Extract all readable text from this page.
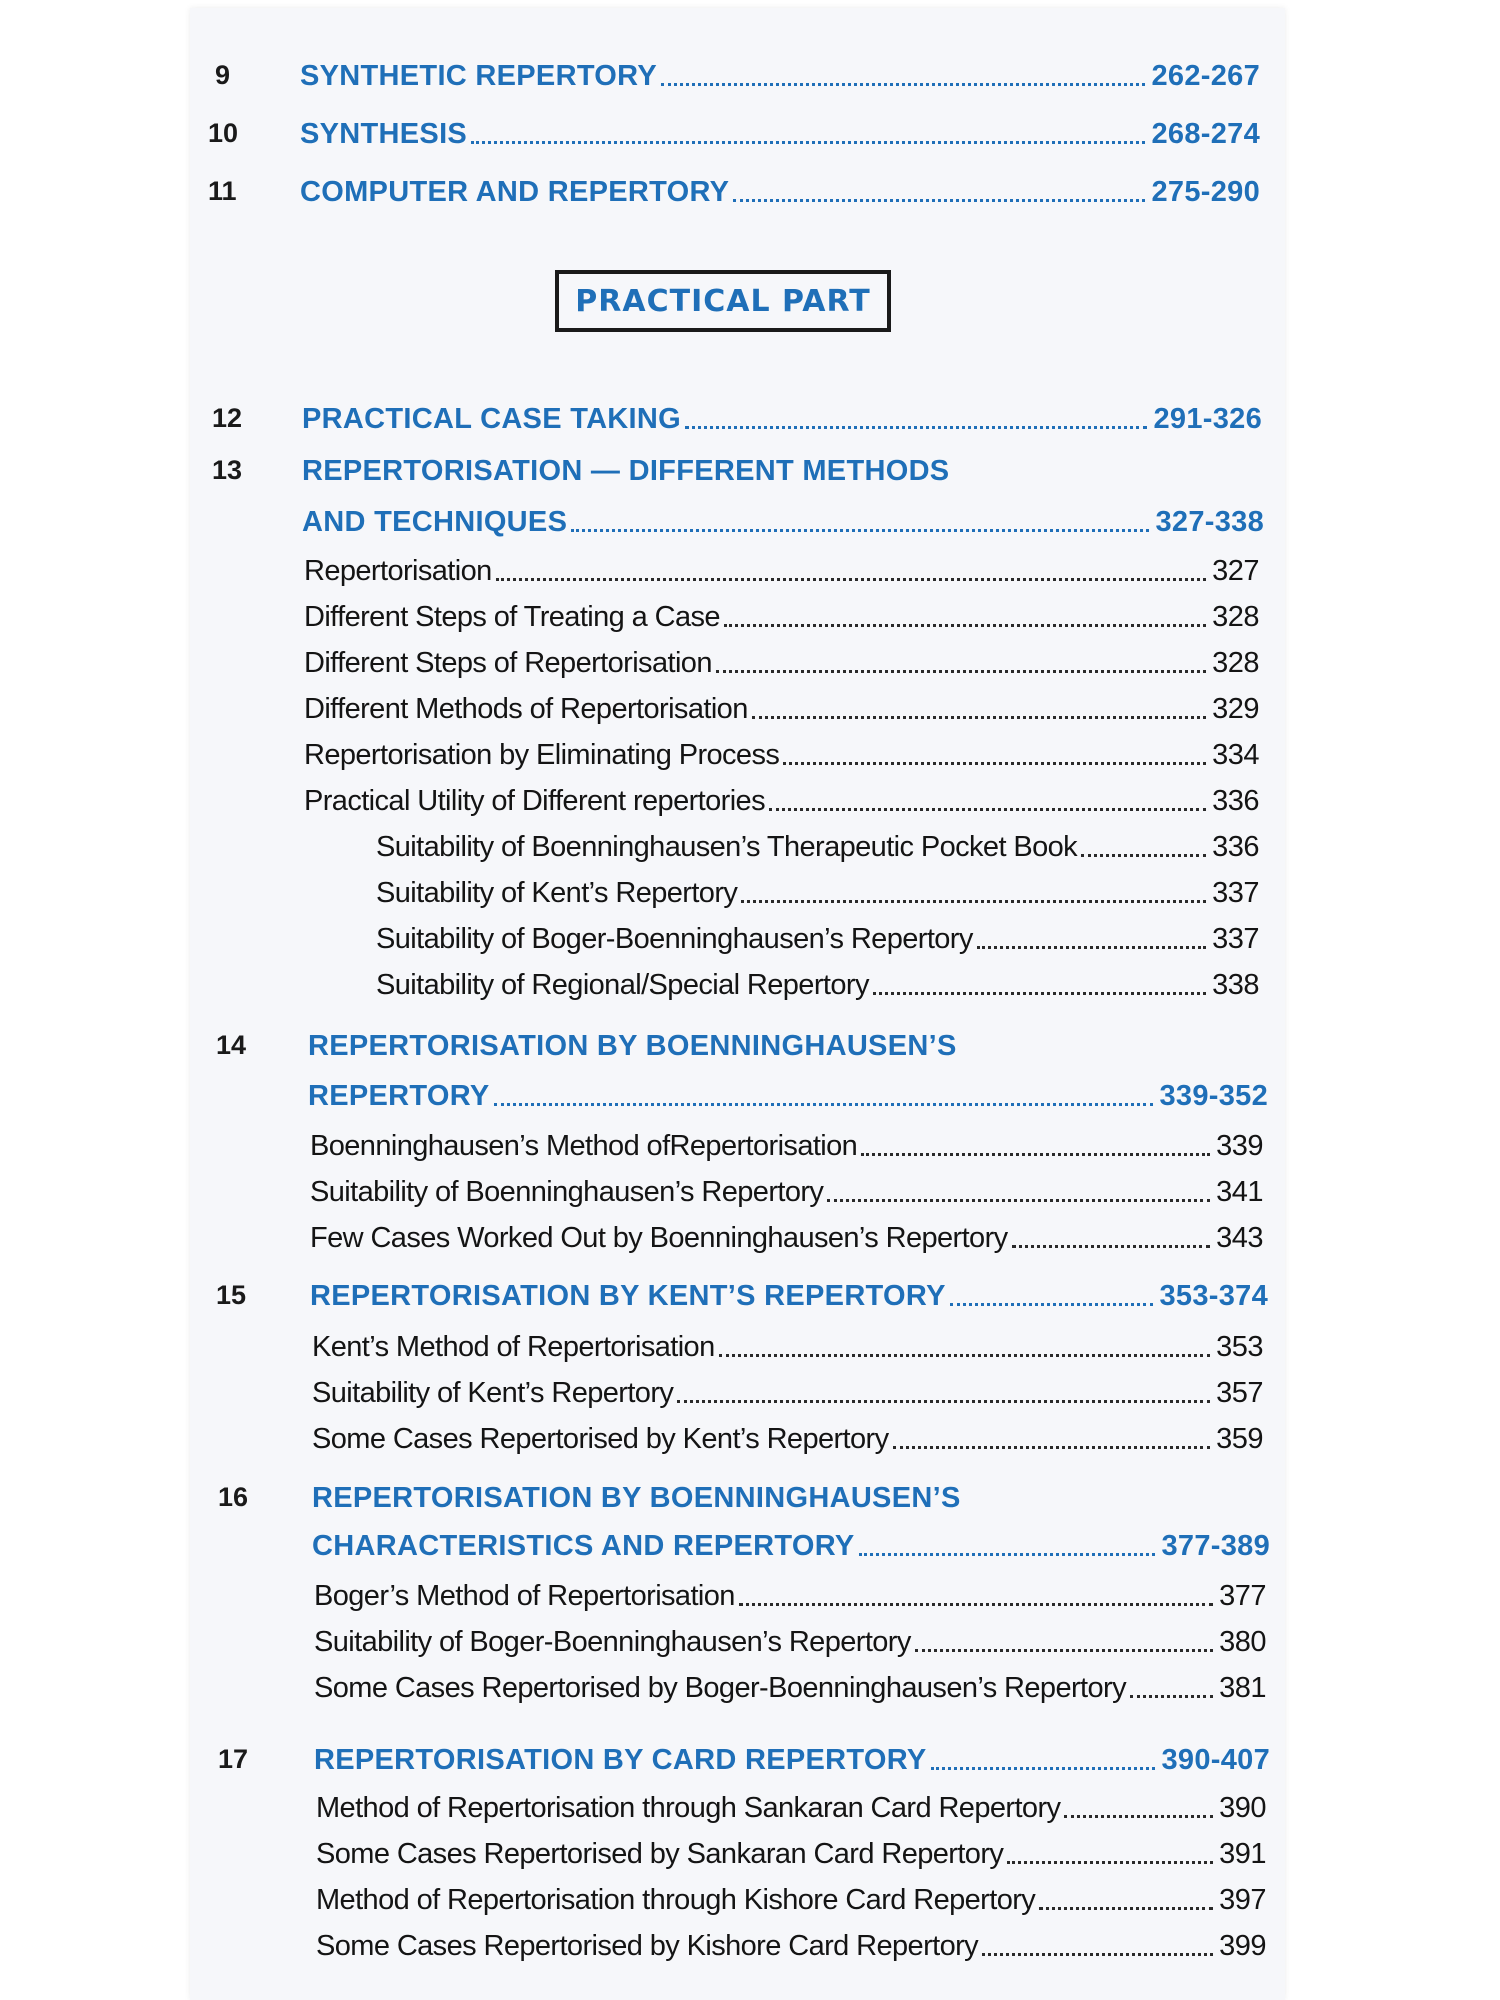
9	SYNTHETIC REPERTORY	262-267
10	SYNTHESIS	268-274
11	COMPUTER AND REPERTORY	275-290
PRACTICAL PART
12	PRACTICAL CASE TAKING	291-326
13	REPERTORISATION — DIFFERENT METHODS
AND TECHNIQUES	327-338
Repertorisation	327
Different Steps of Treating a Case	328
Different Steps of Repertorisation	328
Different Methods of Repertorisation	329
Repertorisation by Eliminating Process	334
Practical Utility of Different repertories	336
Suitability of Boenninghausen’s Therapeutic Pocket Book	336
Suitability of Kent’s Repertory	337
Suitability of Boger-Boenninghausen’s Repertory	337
Suitability of Regional/Special Repertory	338
14	REPERTORISATION BY BOENNINGHAUSEN’S
REPERTORY	339-352
Boenninghausen’s Method ofRepertorisation	339
Suitability of Boenninghausen’s Repertory	341
Few Cases Worked Out by Boenninghausen’s Repertory	343
15	REPERTORISATION BY KENT’S REPERTORY	353-374
Kent’s Method of Repertorisation	353
Suitability of Kent’s Repertory	357
Some Cases Repertorised by Kent’s Repertory	359
16	REPERTORISATION BY BOENNINGHAUSEN’S
CHARACTERISTICS AND REPERTORY	377-389
Boger’s Method of Repertorisation	377
Suitability of Boger-Boenninghausen’s Repertory	380
Some Cases Repertorised by Boger-Boenninghausen’s Repertory	381
17	REPERTORISATION BY CARD REPERTORY	390-407
Method of Repertorisation through Sankaran Card Repertory	390
Some Cases Repertorised by Sankaran Card Repertory	391
Method of Repertorisation through Kishore Card Repertory	397
Some Cases Repertorised by Kishore Card Repertory	399
